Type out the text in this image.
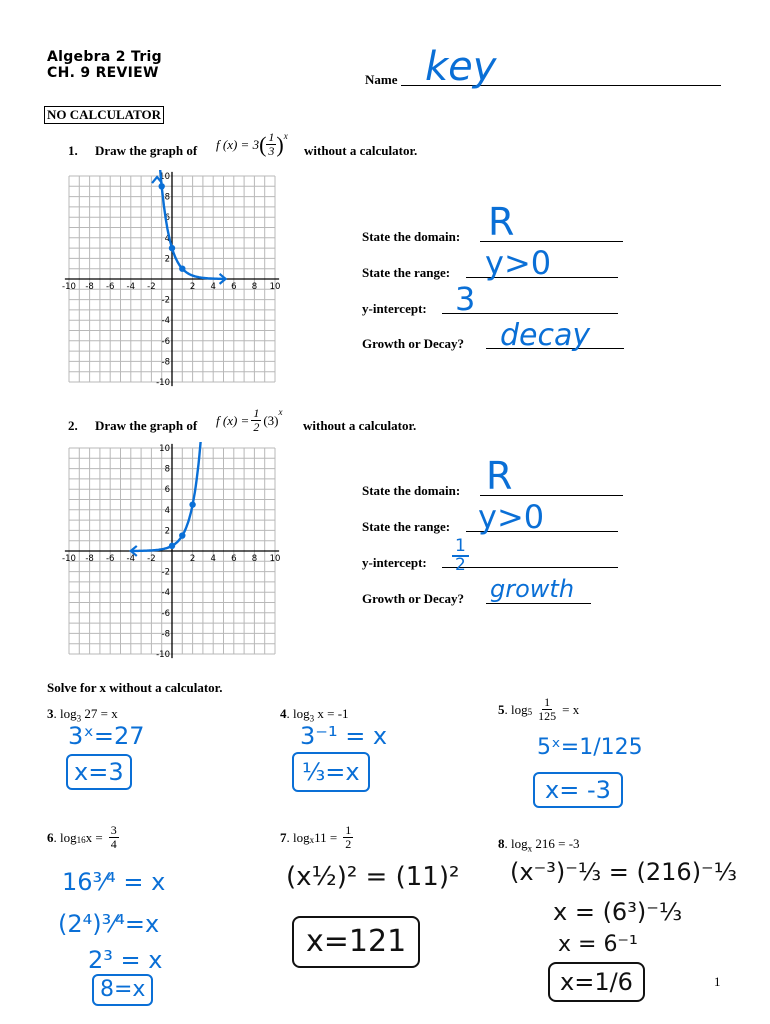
Algebra 2 Trig
CH. 9 REVIEW	Name key
NO CALCULATOR
1. Draw the graph of f (x) = 3 ( $\frac{1}{3} )^x$
without a calculator.
-10 -8 -6 -4 -2	2 4 6 8 10
10
8
6
4
2
-2
-4
-6
-8
-10
State the domain: R
State the range: y>0
y-intercept: 3
Growth or Decay? decay
2. Draw the graph of f $(x) = \frac{1}{2} (3)$
$^x$
without a calculator.
-10 -8 -6 -4 -2	2 4 6 8 10
10
8
6
4
2
-2
-4
-6
-8
-10
State the domain: R
State the range: y>0
y-intercept: $\frac{1}{2}$
Growth or Decay? growth
Solve for x without a calculator.
3. $\log_3 27 = x$
3ˣ=27
x=3
4. $\log_3 x = -1$
3⁻¹ = x
⅓=x
5 . $\log 5 \frac{1}{125} = x$
5ˣ=1/125
x= -3
6 . log 16 $x = \frac{3}{4}$
16³⁄⁴ = x
(2⁴)³⁄⁴=x
2³ = x
8=x
7 . log x $11 = \frac{1}{2}$
(x½)² = (11)²
x=121
8. $\log_x 216 = -3$
(x⁻³)⁻⅓ = (216)⁻⅓
x = (6³)⁻⅓
x = 6⁻¹
x=1/6	1
